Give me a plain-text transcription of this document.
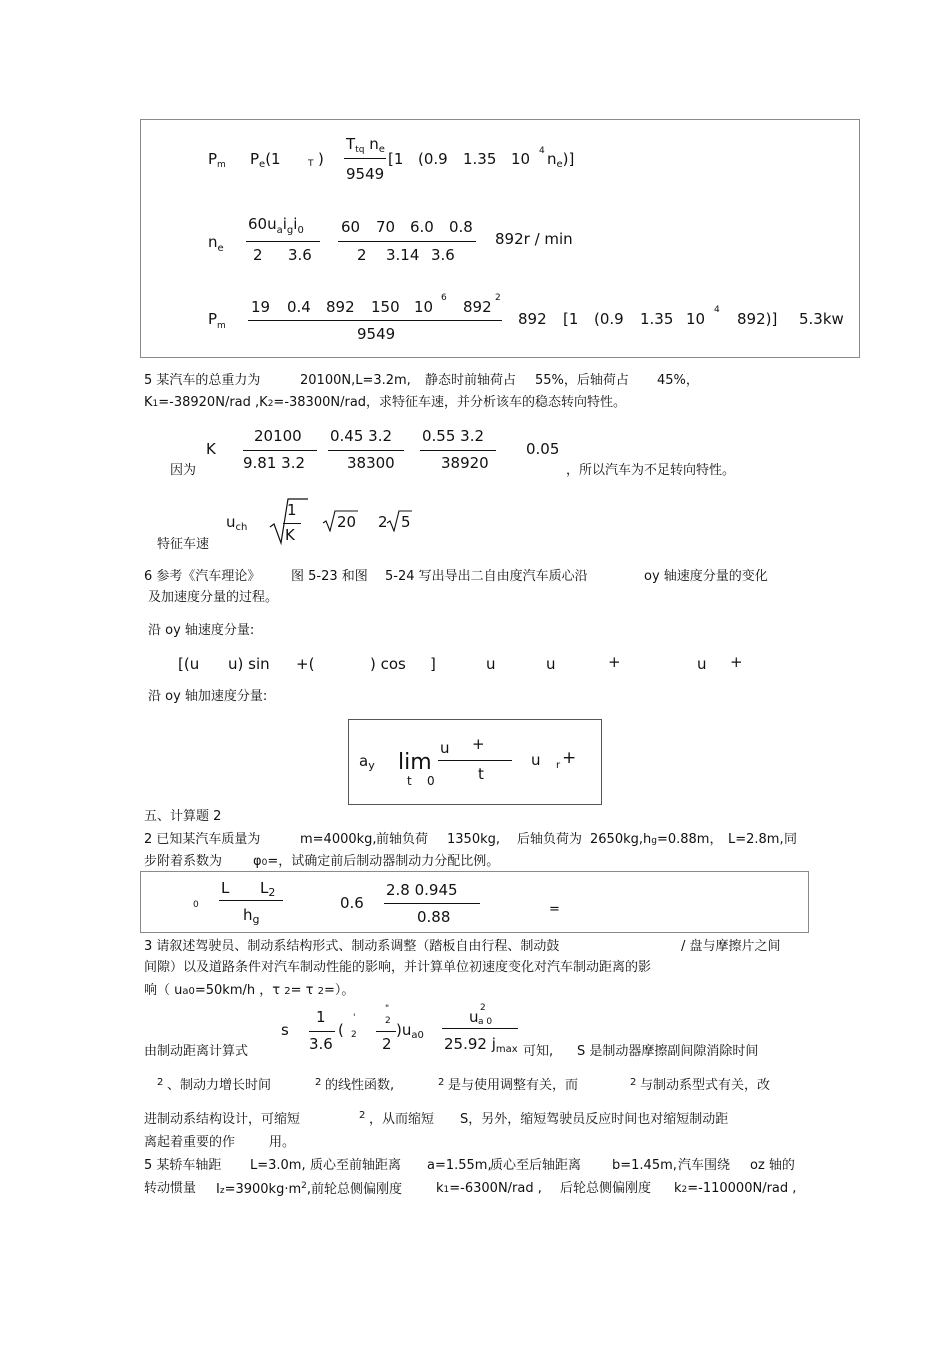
$P_m$ $P_e(1$	T )
$T_{tq}$ $n_e$
9549
[1 (0.9 1.35 10 4 $n_e$)]
$n_e$
$60u_ai_gi_0$
2 3.6
60 70 6.0 0.8
2 3.14 3.6
892r / min
$P_m$
19 0.4 892 150 10 6 892 2
9549
892 [1 (0.9 1.35 10 4 892)] 5.3kw
5 某汽车的总重力为	20100N,L=3.2m, 静态时前轴荷占 55%，后轴荷占 45%，
K1=-38920N/rad ,K2=-38300N/rad，求特征车速，并分析该车的稳态转向特性。
K
因为
20100
9.81 3.2
0.45 3.2
38300
0.55 3.2
38920
0.05
，所以汽车为不足转向特性。
$u_{ch}$
1
K
20 2 5
特征车速
6 参考《汽车理论》 图 5-23 和图 5-24 写出导出二自由度汽车质心沿	oy 轴速度分量的变化
及加速度分量的过程。
沿 oy 轴速度分量:
[(u u) sin +(	) cos ]	u	u	+	u +
沿 oy 轴加速度分量:
$a_y$ lim
t 0
u +
t
u r +
五、计算题 2
2 已知某汽车质量为	m=4000kg, 前轴负荷 1350kg, 后轴负荷为 2650kg,hg=0.88m， L=2.8m, 同
步附着系数为 φ0=，试确定前后制动器制动力分配比例。
0
L $L_2$
$h_g$
0.6
2.8 0.945
0.88	=
3 请叙述驾驶员、制动系结构形式、制动系调整（踏板自由行程、制动鼓	/ 盘与摩擦片之间
间隙）以及道路条件对汽车制动性能的影响，并计算单位初速度变化对汽车制动距离的影
响（ ua0=50km/h ，τ 2= τ 2=）。
s
1
3.6
(
'
2
"
2
2
)$u_{a0}$
u 2
a 0
25.92 $j_{max}$
由制动距离计算式	可知, S 是制动器摩擦副间隙消除时间
2 、制动力增长时间	2 的线性函数,	2 是与使用调整有关，而	2 与制动系型式有关，改
进制动系结构设计，可缩短	2 ，从而缩短 S，另外，缩短驾驶员反应时间也对缩短制动距
离起着重要的作	用。
5 某轿车轴距 L=3.0m, 质心至前轴距离 a=1.55m,
质心至后轴距离 b=1.45m, 汽车围绕 oz 轴的
转动惯量 $Iz=3900kg\cdot m^2$,前轮总侧偏刚度	k1=-6300N/rad , 后轮总侧偏刚度 k2=-110000N/rad ,
